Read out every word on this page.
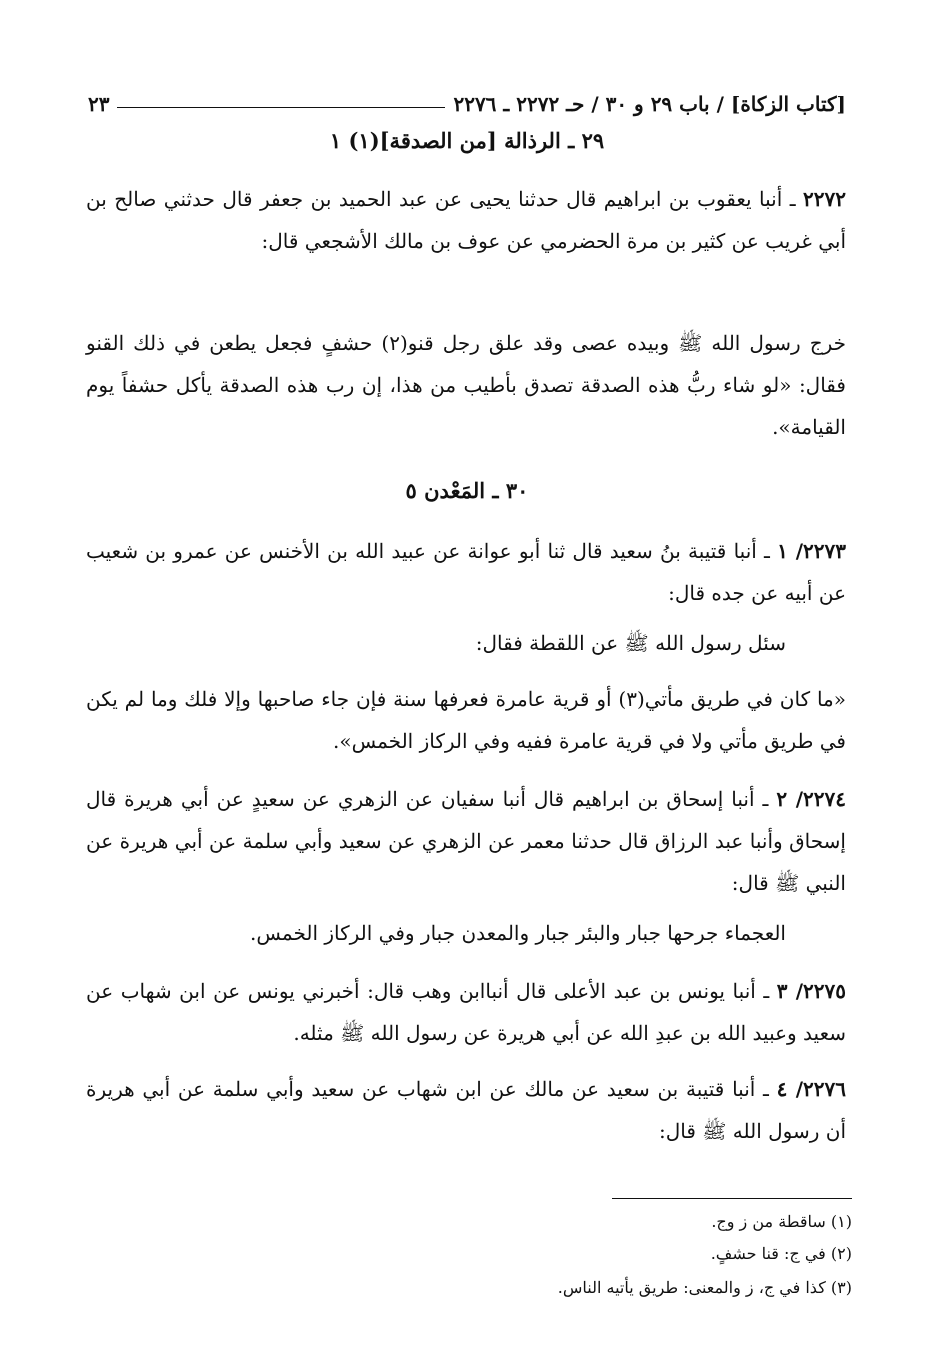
[كتاب الزكاة] / باب ٢٩ و ٣٠ / حـ ٢٢٧٢ ـ ٢٢٧٦
٢٣
٢٩ ـ الرذالة [من الصدقة](١) ١
٢٢٧٢ ـ أنبا يعقوب بن ابراهيم قال حدثنا يحيى عن عبد الحميد بن جعفر قال حدثني صالح بن أبي غريب عن كثير بن مرة الحضرمي عن عوف بن مالك الأشجعي قال:
خرج رسول الله ﷺ وبيده عصى وقد علق رجل قنو(٢) حشفٍ فجعل يطعن في ذلك القنو فقال: «لو شاء ربُّ هذه الصدقة تصدق بأطيب من هذا، إن رب هذه الصدقة يأكل حشفاً يوم القيامة».
٣٠ ـ المَعْدن ٥
٢٢٧٣/ ١ ـ أنبا قتيبة بنُ سعيد قال ثنا أبو عوانة عن عبيد الله بن الأخنس عن عمرو بن شعيب عن أبيه عن جده قال:
سئل رسول الله ﷺ عن اللقطة فقال:
«ما كان في طريق مأتي(٣) أو قرية عامرة فعرفها سنة فإن جاء صاحبها وإلا فلك وما لم يكن في طريق مأتي ولا في قرية عامرة ففيه وفي الركاز الخمس».
٢٢٧٤/ ٢ ـ أنبا إسحاق بن ابراهيم قال أنبا سفيان عن الزهري عن سعيدٍ عن أبي هريرة قال إسحاق وأنبا عبد الرزاق قال حدثنا معمر عن الزهري عن سعيد وأبي سلمة عن أبي هريرة عن النبي ﷺ قال:
العجماء جرحها جبار والبئر جبار والمعدن جبار وفي الركاز الخمس.
٢٢٧٥/ ٣ ـ أنبا يونس بن عبد الأعلى قال أنباابن وهب قال: أخبرني يونس عن ابن شهاب عن سعيد وعبيد الله بن عبدِ الله عن أبي هريرة عن رسول الله ﷺ مثله.
٢٢٧٦/ ٤ ـ أنبا قتيبة بن سعيد عن مالك عن ابن شهاب عن سعيد وأبي سلمة عن أبي هريرة أن رسول الله ﷺ قال:
(١) ساقطة من ز وج.
(٢) في ج: قنا حشفٍ.
(٣) كذا في ج، ز والمعنى: طريق يأتيه الناس.
